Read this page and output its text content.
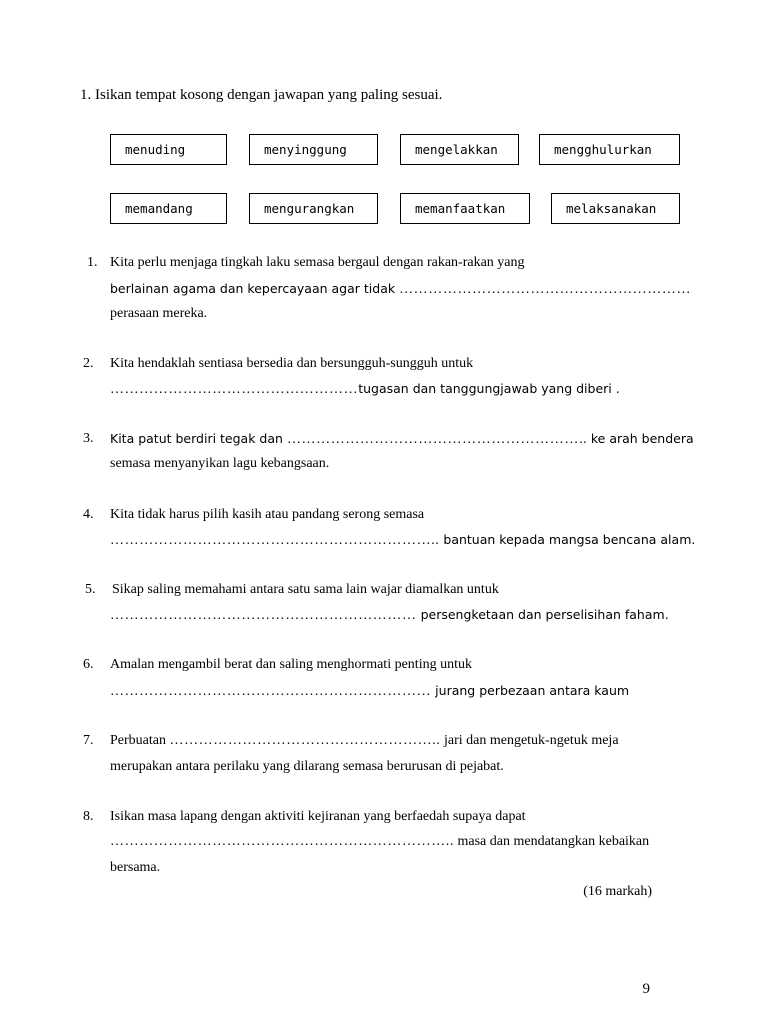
1. Isikan tempat kosong dengan jawapan yang paling sesuai.
menuding	menyinggung	mengelakkan	mengghulurkan
memandang	mengurangkan	memanfaatkan	melaksanakan
1. Kita perlu menjaga tingkah laku semasa bergaul dengan rakan-rakan yang
berlainan agama dan kepercayaan agar tidak ……………………………………………………
perasaan mereka.
2. Kita hendaklah sentiasa bersedia dan bersungguh-sungguh untuk
……………………………………………tugasan dan tanggungjawab yang diberi .
3. Kita patut berdiri tegak dan …………………………………………………….. ke arah bendera
semasa menyanyikan lagu kebangsaan.
4. Kita tidak harus pilih kasih atau pandang serong semasa
………………………………………………………….. bantuan kepada mangsa bencana alam.
5. Sikap saling memahami antara satu sama lain wajar diamalkan untuk
……………………………………………………… persengketaan dan perselisihan faham.
6. Amalan mengambil berat dan saling menghormati penting untuk
………………………………………………………… jurang perbezaan antara kaum
7. Perbuatan ……………………………………………….. jari dan mengetuk-ngetuk meja
merupakan antara perilaku yang dilarang semasa berurusan di pejabat.
8. Isikan masa lapang dengan aktiviti kejiranan yang berfaedah supaya dapat
…………………………………………………………….. masa dan mendatangkan kebaikan
bersama.
(16 markah)
9
